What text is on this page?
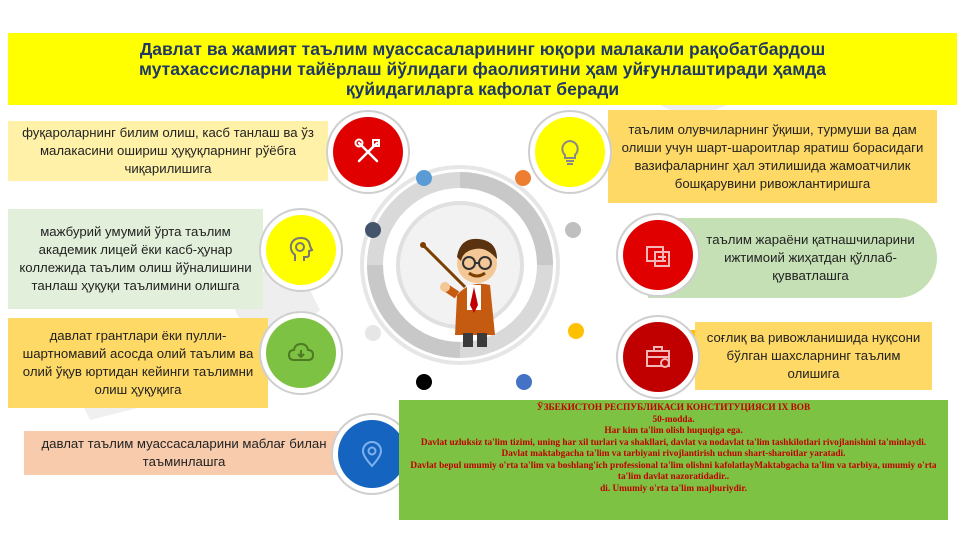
Давлат ва жамият таълим муассасаларининг юқори малакали рақобатбардош мутахассисларни тайёрлаш йўлидаги фаолиятини ҳам уйғунлаштиради ҳамда қуйидагиларга кафолат беради
фуқароларнинг билим олиш, касб танлаш ва ўз малакасини ошириш ҳуқуқларнинг рўёбга чиқарилишига
мажбурий умумий ўрта таълим академик лицей ёки касб-ҳунар коллежида таълим олиш йўналишини танлаш ҳуқуқи таълимини олишга
давлат грантлари ёки пулли-шартномавий асосда олий таълим ва олий ўқув юртидан кейинги таълимни олиш ҳуқуқига
давлат таълим муассасаларини маблағ билан таъминлашга
таълим олувчиларнинг ўқиши, турмуши ва дам олиши учун шарт-шароитлар яратиш борасидаги вазифаларнинг ҳал этилишида жамоатчилик бошқарувини ривожлантиришга
таълим жараёни қатнашчиларини ижтимоий жиҳатдан қўллаб-қувватлашга
соғлиқ ва ривожланишида нуқсони бўлган шахсларнинг таълим олишига
ЎЗБЕКИСТОН РЕСПУБЛИКАСИ КОНСТИТУЦИЯСИ IX ВОВ
50-modda.
Har kim ta'lim olish huquqiga ega.
Davlat uzluksiz ta'lim tizimi, uning har xil turlari va shakllari, davlat va nodavlat ta'lim tashkilotlari rivojlanishini ta'minlaydi.
Davlat maktabgacha ta'lim va tarbiyani rivojlantirish uchun shart-sharoitlar yaratadi.
Davlat bepul umumiy o'rta ta'lim va boshlang'ich professional ta'lim olishni kafolatlayMaktabgacha ta'lim va tarbiya, umumiy o'rta ta'lim davlat nazoratidadir..
di. Umumiy o'rta ta'lim majburiydir.
